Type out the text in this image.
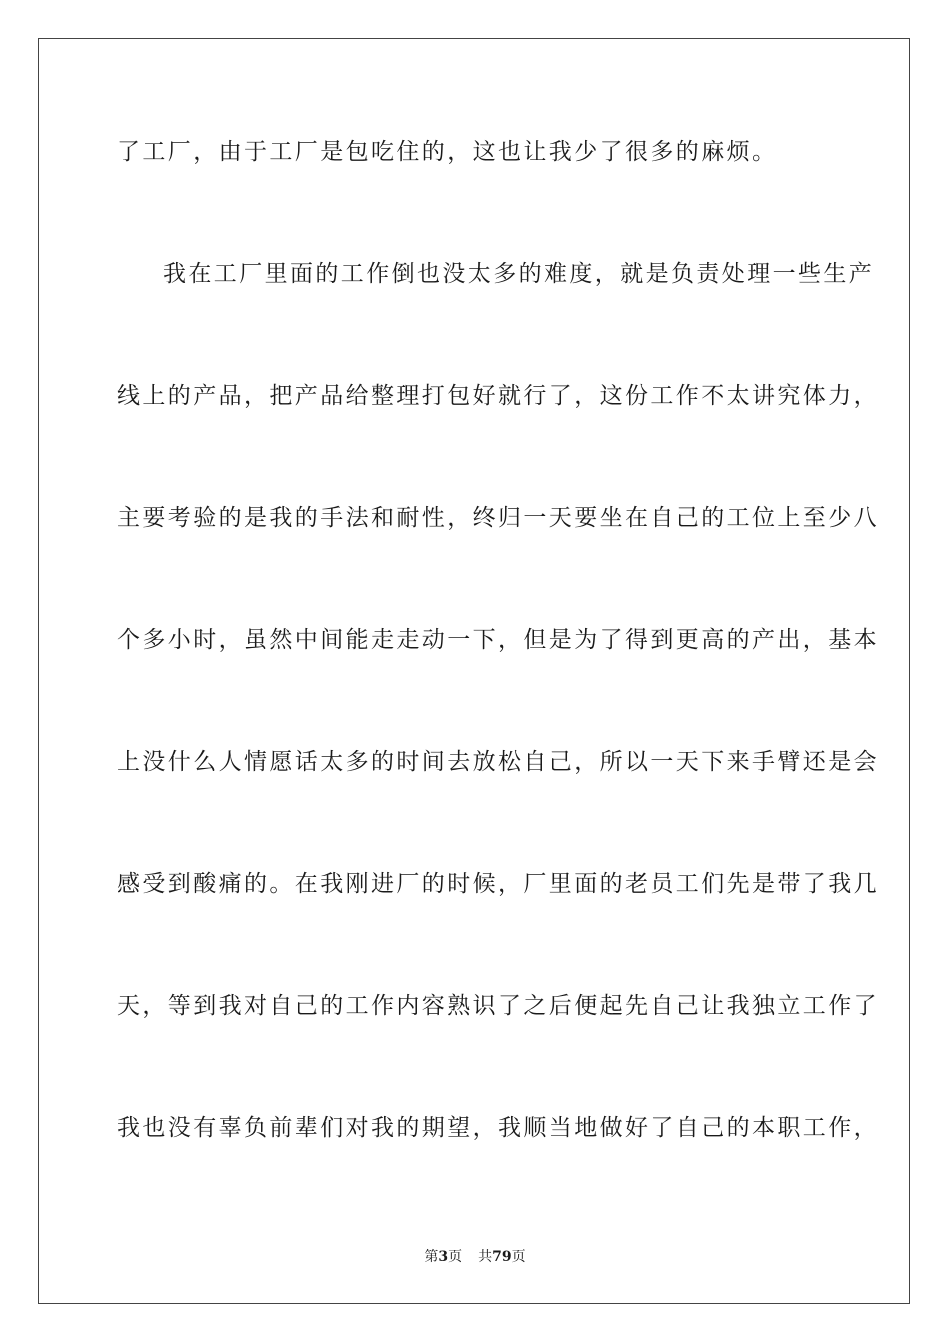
了工厂，由于工厂是包吃住的，这也让我少了很多的麻烦。
我在工厂里面的工作倒也没太多的难度，就是负责处理一些生产
线上的产品，把产品给整理打包好就行了，这份工作不太讲究体力，
主要考验的是我的手法和耐性，终归一天要坐在自己的工位上至少八
个多小时，虽然中间能走走动一下，但是为了得到更高的产出，基本
上没什么人情愿话太多的时间去放松自己，所以一天下来手臂还是会
感受到酸痛的。在我刚进厂的时候，厂里面的老员工们先是带了我几
天，等到我对自己的工作内容熟识了之后便起先自己让我独立工作了
我也没有辜负前辈们对我的期望，我顺当地做好了自己的本职工作，
第3页 共79页
